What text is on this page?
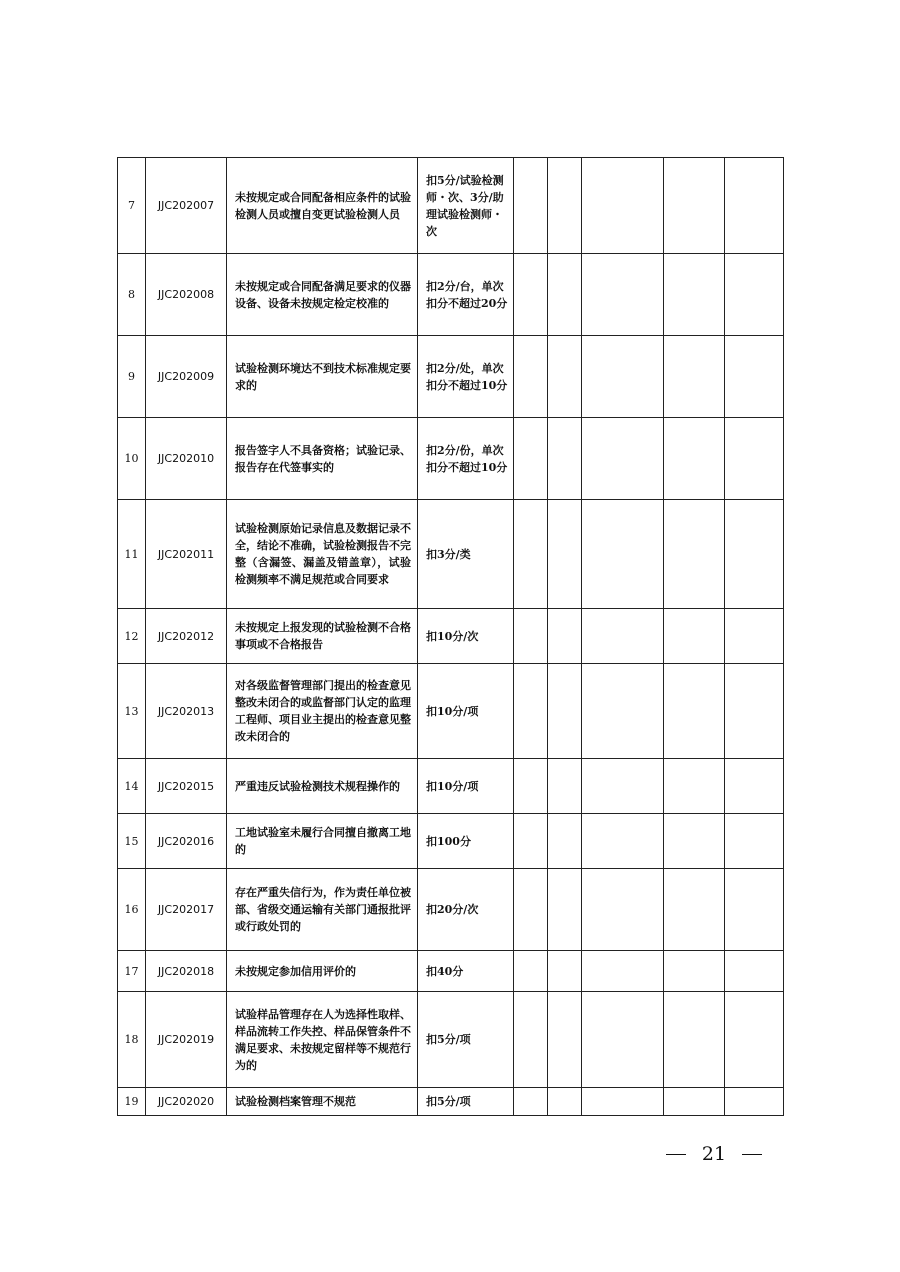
7	JJC202007	未按规定或合同配备相应条件的试验检测人员或擅自变更试验检测人员	扣5分/试验检测师・次、3分/助理试验检测师・次					
8	JJC202008	未按规定或合同配备满足要求的仪器设备、设备未按规定检定校准的	扣2分/台，单次扣分不超过20分					
9	JJC202009	试验检测环境达不到技术标准规定要求的	扣2分/处，单次扣分不超过10分					
10	JJC202010	报告签字人不具备资格；试验记录、报告存在代签事实的	扣2分/份，单次扣分不超过10分					
11	JJC202011	试验检测原始记录信息及数据记录不全，结论不准确，试验检测报告不完整（含漏签、漏盖及错盖章），试验检测频率不满足规范或合同要求	扣3分/类					
12	JJC202012	未按规定上报发现的试验检测不合格事项或不合格报告	扣10分/次					
13	JJC202013	对各级监督管理部门提出的检查意见整改未闭合的或监督部门认定的监理工程师、项目业主提出的检查意见整改未闭合的	扣10分/项					
14	JJC202015	严重违反试验检测技术规程操作的	扣10分/项					
15	JJC202016	工地试验室未履行合同擅自撤离工地的	扣100分					
16	JJC202017	存在严重失信行为，作为责任单位被部、省级交通运输有关部门通报批评或行政处罚的	扣20分/次					
17	JJC202018	未按规定参加信用评价的	扣40分					
18	JJC202019	试验样品管理存在人为选择性取样、样品流转工作失控、样品保管条件不满足要求、未按规定留样等不规范行为的	扣5分/项					
19	JJC202020	试验检测档案管理不规范	扣5分/项					
21
